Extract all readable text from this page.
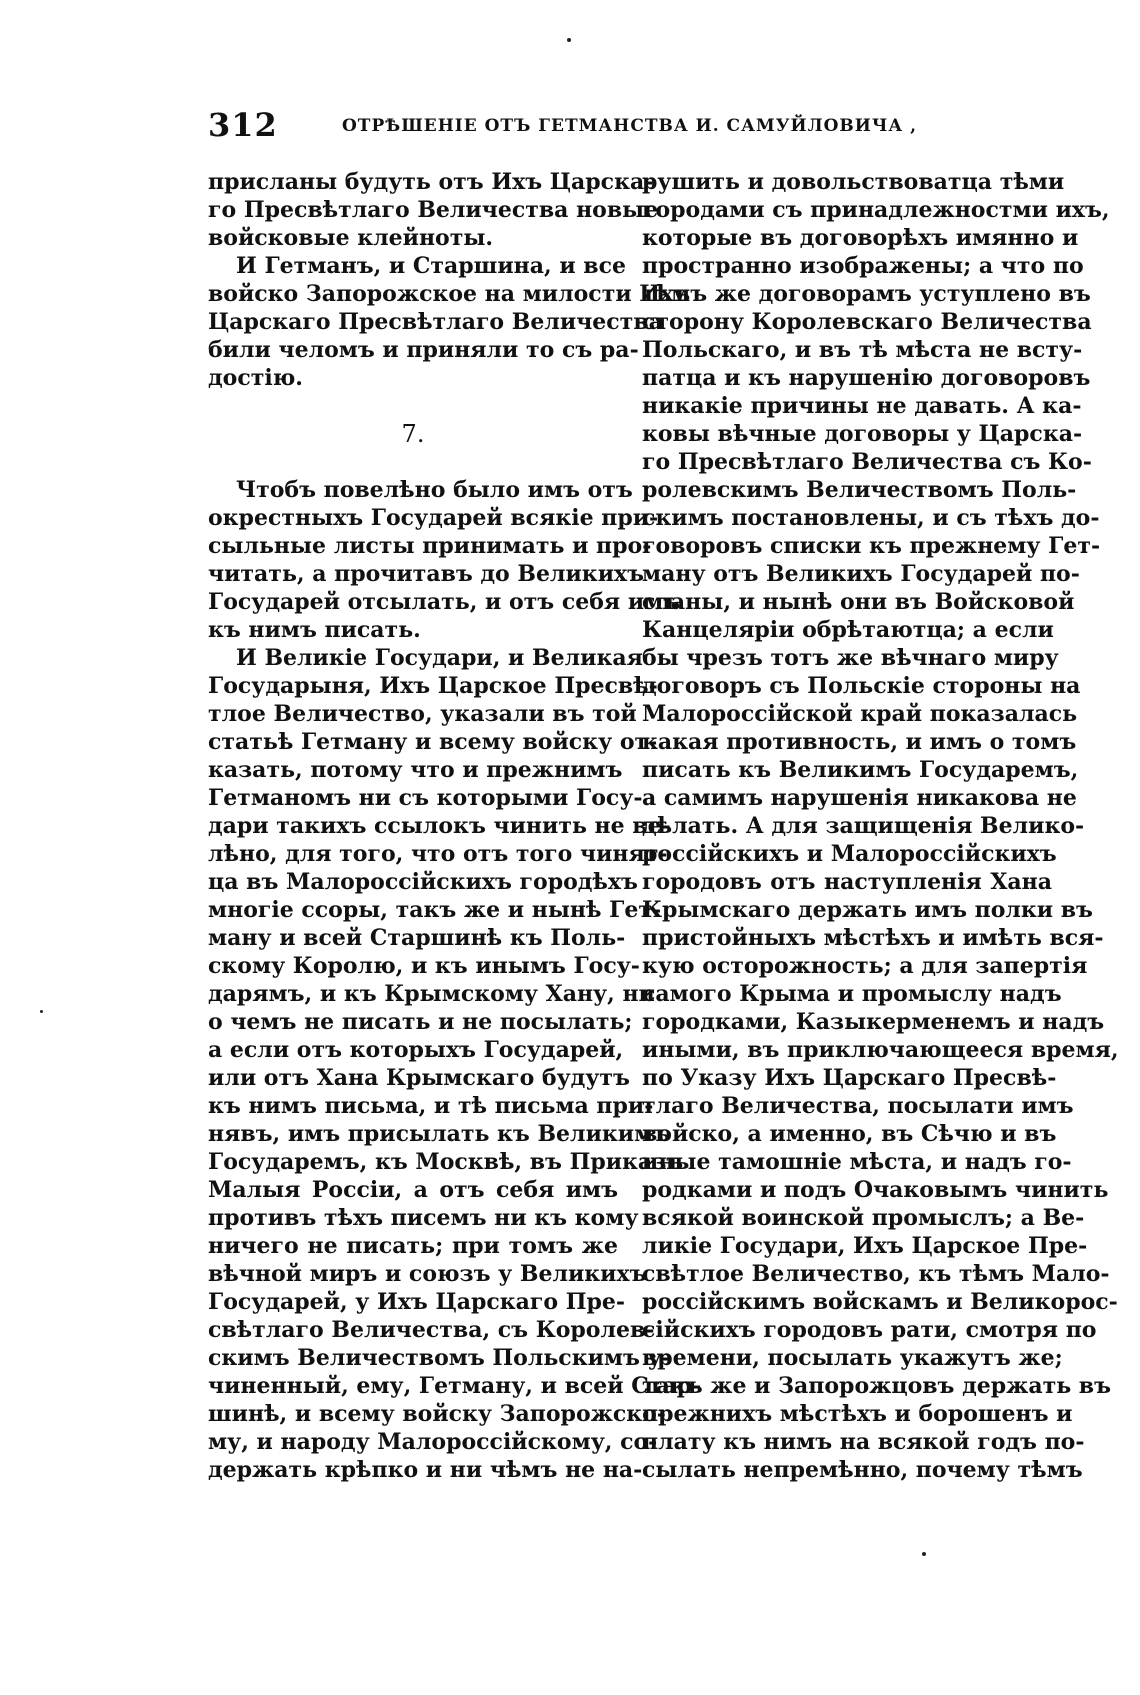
312	ОТРѢШЕНІЕ ОТЪ ГЕТМАНСТВА И. САМУЙЛОВИЧА ,
присланы будуть отъ Ихъ Царска-
го Пресвѣтлаго Величества новые
войсковые клейноты.
И Гетманъ, и Старшина, и все
войско Запорожское на милости Ихъ
Царскаго Пресвѣтлаго Величества
били челомъ и приняли то съ ра-
достію.
7.
Чтобъ повелѣно было имъ отъ
окрестныхъ Государей всякіе при-
сыльные листы принимать и про-
читать, а прочитавъ до Великихъ
Государей отсылать, и отъ себя имъ
къ нимъ писать.
И Великіе Государи, и Великая
Государыня, Ихъ Царское Пресвѣ-
тлое Величество, указали въ той
статьѣ Гетману и всему войску от-
казать, потому что и прежнимъ
Гетманомъ ни съ которыми Госу-
дари такихъ ссылокъ чинить не ве-
лѣно, для того, что отъ того чинят-
ца въ Малороссійскихъ городѣхъ
многіе ссоры, такъ же и нынѣ Гет-
ману и всей Старшинѣ къ Поль-
скому Королю, и къ инымъ Госу-
дарямъ, и къ Крымскому Хану, ни
о чемъ не писать и не посылать;
а если отъ которыхъ Государей,
или отъ Хана Крымскаго будутъ
къ нимъ письма, и тѣ письма при-
нявъ, имъ присылать къ Великимъ
Государемъ, къ Москвѣ, въ Приказъ
Малыя Россіи, а отъ себя имъ
противъ тѣхъ писемъ ни къ кому
ничего не писать; при томъ же
вѣчной миръ и союзъ у Великихъ
Государей, у Ихъ Царскаго Пре-
свѣтлаго Величества, съ Королев-
скимъ Величествомъ Польскимъ у-
чиненный, ему, Гетману, и всей Стар-
шинѣ, и всему войску Запорожско-
му, и народу Малороссійскому, со-
держать крѣпко и ни чѣмъ не на-
рушить и довольствоватца тѣми
городами съ принадлежностми ихъ,
которые въ договорѣхъ имянно и
пространно изображены; а что по
тѣмъ же договорамъ уступлено въ
сторону Королевскаго Величества
Польскаго, и въ тѣ мѣста не всту-
патца и къ нарушенію договоровъ
никакіе причины не давать. А ка-
ковы вѣчные договоры у Царска-
го Пресвѣтлаго Величества съ Ко-
ролевскимъ Величествомъ Поль-
скимъ постановлены, и съ тѣхъ до-
говоровъ списки къ прежнему Гет-
ману отъ Великихъ Государей по-
сланы, и нынѣ они въ Войсковой
Канцеляріи обрѣтаютца; а если
бы чрезъ тотъ же вѣчнаго миру
договоръ съ Польскіе стороны на
Малороссійской край показалась
какая противность, и имъ о томъ
писать къ Великимъ Государемъ,
а самимъ нарушенія никакова не
дѣлать. А для защищенія Велико-
россійскихъ и Малороссійскихъ
городовъ отъ наступленія Хана
Крымскаго держать имъ полки въ
пристойныхъ мѣстѣхъ и имѣть вся-
кую осторожность; а для запертія
самого Крыма и промыслу надъ
городками, Казыкерменемъ и надъ
иными, въ приключающееся время,
по Указу Ихъ Царскаго Пресвѣ-
тлаго Величества, посылати имъ
войско, а именно, въ Сѣчю и въ
иные тамошніе мѣста, и надъ го-
родками и подъ Очаковымъ чинить
всякой воинской промыслъ; а Ве-
ликіе Государи, Ихъ Царское Пре-
свѣтлое Величество, къ тѣмъ Мало-
россійскимъ войскамъ и Великорос-
сійскихъ городовъ рати, смотря по
времени, посылать укажутъ же;
такъ же и Запорожцовъ держать въ
прежнихъ мѣстѣхъ и борошенъ и
плату къ нимъ на всякой годъ по-
сылать непремѣнно, почему тѣмъ
